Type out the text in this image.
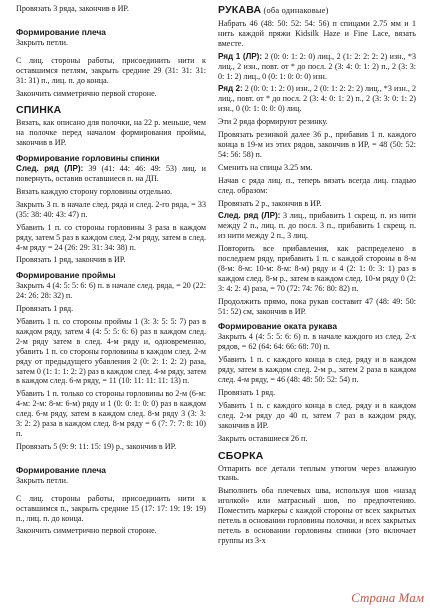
Провязать 3 ряда, закончив в ИР.

Формирование плеча

Закрыть петли.

С лиц. стороны работы, присоединить нити к оставшимся петлям, закрыть средние 29 (31: 31: 31: 31: 31) п., лиц. п. до конца.

Закончить симметрично первой стороне.

СПИНКА

Вязать, как описано для полочки, на 22 р. меньше, чем на полочке перед началом формирования проймы, закончив в ИР.

Формирование горловины спинки

След. ряд (ЛР): 39 (41: 44: 46: 49: 53) лиц. и повернуть, оставив оставшиеся п. на ДП.

Вязать каждую сторону горловины отдельно.

Закрыть 3 п. в начале след. ряда и след. 2-го ряда, = 33 (35: 38: 40: 43: 47) п.

Убавить 1 п. со стороны горловины 3 раза в каждом ряду, затем 5 раз в каждом след. 2-м ряду, затем в след. 4-м ряду = 24 (26: 29: 31: 34: 38) п.

Провязать 1 ряд, закончив в ИР.

Формирование проймы

Закрыть 4 (4: 5: 5: 6: 6) п. в начале след. ряда, = 20 (22: 24: 26: 28: 32) п.

Провязать 1 ряд.

Убавить 1 п. со стороны проймы 1 (3: 3: 5: 5: 7) раз в каждом ряду, затем 4 (4: 5: 5: 6: 6) раз в каждом след. 2-м ряду затем в след. 4-м ряду и, одновременно, убавить 1 п. со стороны горловины в каждом след. 2-м ряду от предыдущего убавления 2 (0: 2: 1: 2: 2) раза, затем 0 (1: 1: 1: 2: 2) раз в каждом след. 4-м ряду, затем в каждом след. 6-м ряду, = 11 (10: 11: 11: 11: 13) п.

Убавить 1 п. только со стороны горловины во 2-м (6-м: 4-м: 2-м: 8-м: 6-м) ряду и 1 (0: 0: 1: 0: 0) раз в каждом след. 6-м ряду, затем в каждом след. 8-м ряду 3 (3: 3: 3: 2: 2) раза в каждом след. 8-м ряду = 6 (7: 7: 7: 8: 10) п.

Провязать 5 (9: 9: 11: 15: 19) р., закончив в ИР.

Формирование плеча

Закрыть петли.

С лиц. стороны работы, присоединить нити к оставшимся п., закрыть средние 15 (17: 17: 19: 19: 19) п., лиц. п. до конца.

Закончить симметрично первой стороне.

РУКАВА (оба одинаковые)

Набрать 46 (48: 50: 52: 54: 56) п спицами 2.75 мм и 1 нить каждой пряжи Kidsilk Haze и Fine Lace, вязать вместе.

Ряд 1 (ЛР): 2 (0: 0: 1: 2: 0) лиц., 2 (1: 2: 2: 2: 2) изн., *3 лиц., 2 изн., повт. от * до посл. 2 (3: 4: 0: 1: 2) п., 2 (3: 3: 0: 1: 2) лиц., 0 (0: 1: 0: 0: 0) изн.

Ряд 2: 2 (0: 0: 1: 2: 0) изн., 2 (0: 1: 2: 2: 2) лиц., *3 изн., 2 лиц., повт. от * до посл. 2 (3: 4: 0: 1: 2) п., 2 (3: 3: 0: 1: 2) изн., 0 (0: 1: 0: 0: 0) лиц.

Эти 2 ряда формируют резинку.

Провязать резинкой далее 36 р., прибавив 1 п. каждого конца в 19-м из этих рядов, закончив в ИР, = 48 (50: 52: 54: 56: 58) п.

Сменить на спицы 3.25 мм.

Начав с ряда лиц. п., теперь вязать всегда лиц. гладью след. образом:

Провязать 2 р., закончив в ИР.

След. ряд (ЛР): 3 лиц., прибавить 1 скрещ. п. из нити между 2 п., лиц. п. до посл. 3 п., прибавить 1 скрещ. п. из нити между 2 п., 3 лиц.

Повторить все прибавления, как распределено в последнем ряду, прибавить 1 п. с каждой стороны в 8-м (8-м: 8-м: 10-м: 8-м: 8-м) ряду и 4 (2: 1: 0: 3: 1) раз в каждом след. 8-м р., затем в каждом след. 10-м ряду 0 (2: 3: 4: 2: 4) раза, = 70 (72: 74: 76: 80: 82) п.

Продолжить прямо, пока рукав составит 47 (48: 49: 50: 51: 52) см, закончив в ИР.

Формирование оката рукава

Закрыть 4 (4: 5: 5: 6: 6) п. в начале каждого из след. 2-х рядов, = 62 (64: 64: 66: 68: 70) п.

Убавить 1 п. с каждого конца в след. ряду и в каждом ряду, затем в каждом след. 2-м р., затем 2 раза в каждом след. 4-м ряду, = 46 (48: 48: 50: 52: 54) п.

Провязать 1 ряд.

Убавить 1 п. с каждого конца в след. ряду и в каждом след. 2-м ряду до 40 п, затем 7 раз в каждом ряду, закончив в ИР.

Закрыть оставшиеся 26 п.

СБОРКА

Отпарить все детали теплым утюгом через влажную ткань.

Выполнить оба плечевых шва, используя шов «назад иголкой» или матрасный шов, по предпочтению. Поместить маркеры с каждой стороны от всех закрытых петель в основании горловины полочки, и всех закрытых петель в основании горловины спинки (это включает группы из 3-х

Страна Мам
